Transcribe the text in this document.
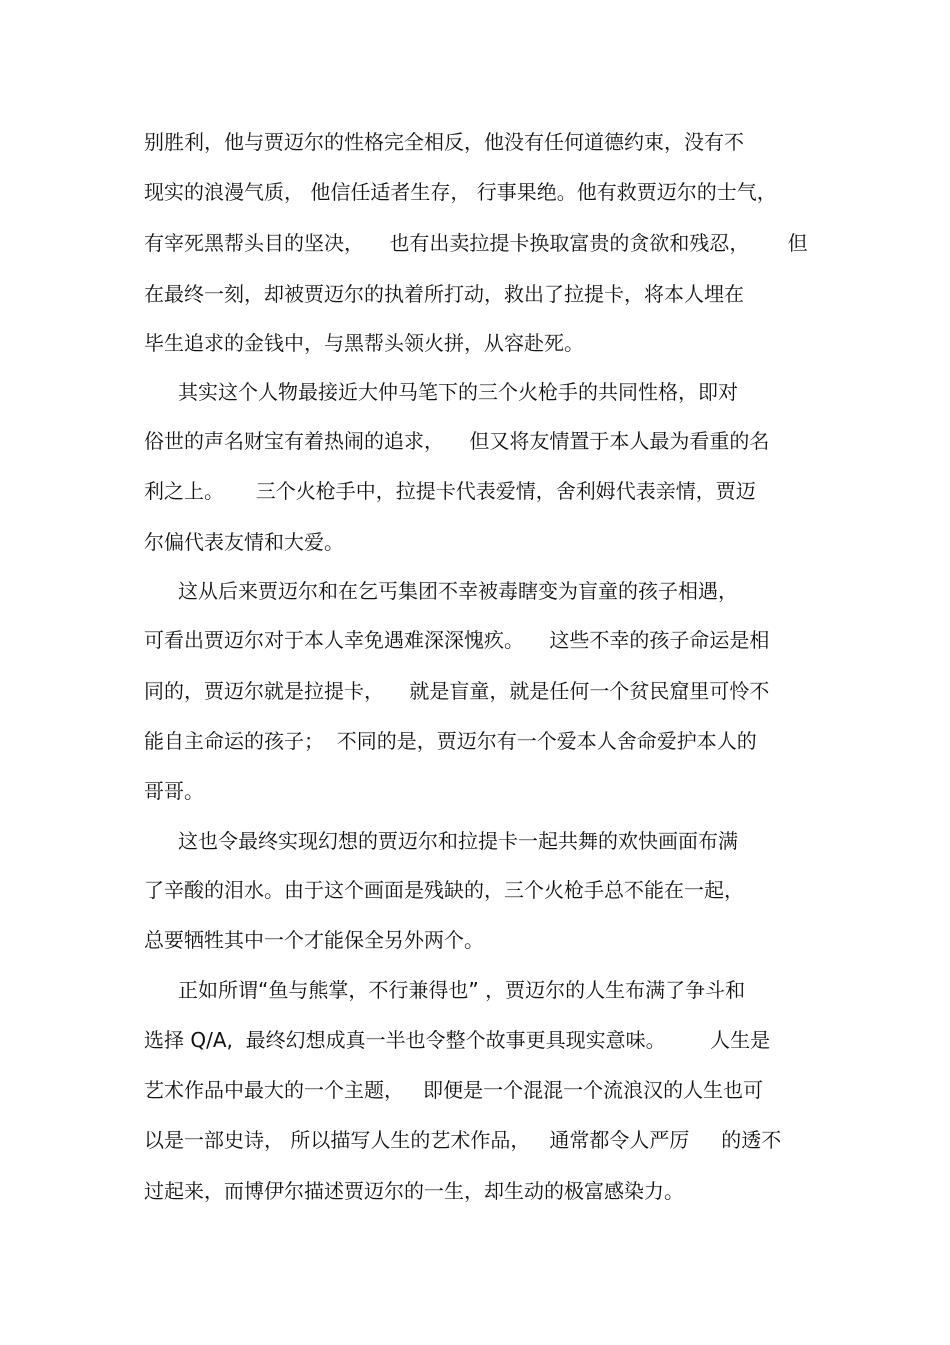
别胜利，他与贾迈尔的性格完全相反，他没有任何道德约束，没有不
现实的浪漫气质， 他信任适者生存， 行事果绝。他有救贾迈尔的士气，
有宰死黑帮头目的坚决，    也有出卖拉提卡换取富贵的贪欲和残忍，      但
在最终一刻，却被贾迈尔的执着所打动，救出了拉提卡，将本人埋在
毕生追求的金钱中，与黑帮头领火拼，从容赴死。
其实这个人物最接近大仲马笔下的三个火枪手的共同性格，即对
俗世的声名财宝有着热闹的追求，    但又将友情置于本人最为看重的名
利之上。     三个火枪手中，拉提卡代表爱情，舍利姆代表亲情，贾迈
尔偏代表友情和大爱。
这从后来贾迈尔和在乞丐集团不幸被毒瞎变为盲童的孩子相遇，
可看出贾迈尔对于本人幸免遇难深深愧疚。    这些不幸的孩子命运是相
同的，贾迈尔就是拉提卡，    就是盲童，就是任何一个贫民窟里可怜不
能自主命运的孩子；  不同的是，贾迈尔有一个爱本人舍命爱护本人的
哥哥。
这也令最终实现幻想的贾迈尔和拉提卡一起共舞的欢快画面布满
了辛酸的泪水。由于这个画面是残缺的，三个火枪手总不能在一起，
总要牺牲其中一个才能保全另外两个。
正如所谓“鱼与熊掌，不行兼得也” ，贾迈尔的人生布满了争斗和
选择 Q/A,  最终幻想成真一半也令整个故事更具现实意味。       人生是
艺术作品中最大的一个主题，   即便是一个混混一个流浪汉的人生也可
以是一部史诗， 所以描写人生的艺术作品，   通常都令人严厉     的透不
过起来，而博伊尔描述贾迈尔的一生，却生动的极富感染力。
